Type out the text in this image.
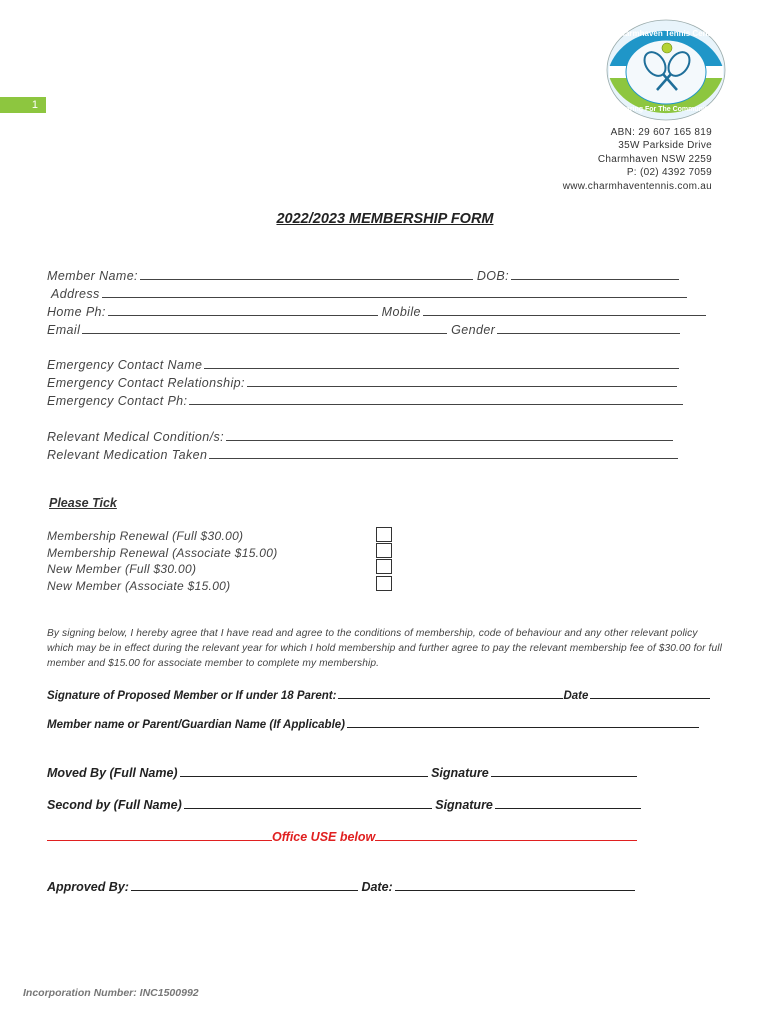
1
Charmhaven Tennis Centre
Caring For The Community
ABN: 29 607 165 819
35W Parkside Drive
Charmhaven NSW 2259
P: (02) 4392 7059
www.charmhaventennis.com.au
2022/2023 MEMBERSHIP FORM
Member Name:	DOB:
Address
Home Ph:	Mobile
Email	Gender
Emergency Contact Name
Emergency Contact Relationship:
Emergency Contact Ph:
Relevant Medical Condition/s:
Relevant Medication Taken
Please Tick
Membership Renewal (Full $30.00)
Membership Renewal (Associate $15.00)
New Member (Full $30.00)
New Member (Associate $15.00)
By signing below, I hereby agree that I have read and agree to the conditions of membership, code of behaviour and any other relevant policy which may be in effect during the relevant year for which I hold membership and further agree to pay the relevant membership fee of $30.00 for full member and $15.00 for associate member to complete my membership.
Signature of Proposed Member or If under 18 Parent:	Date
Member name or Parent/Guardian Name (If Applicable)
Moved By (Full Name)	Signature
Second by (Full Name)	Signature
Office USE below
Approved By:	Date:
Incorporation Number: INC1500992
